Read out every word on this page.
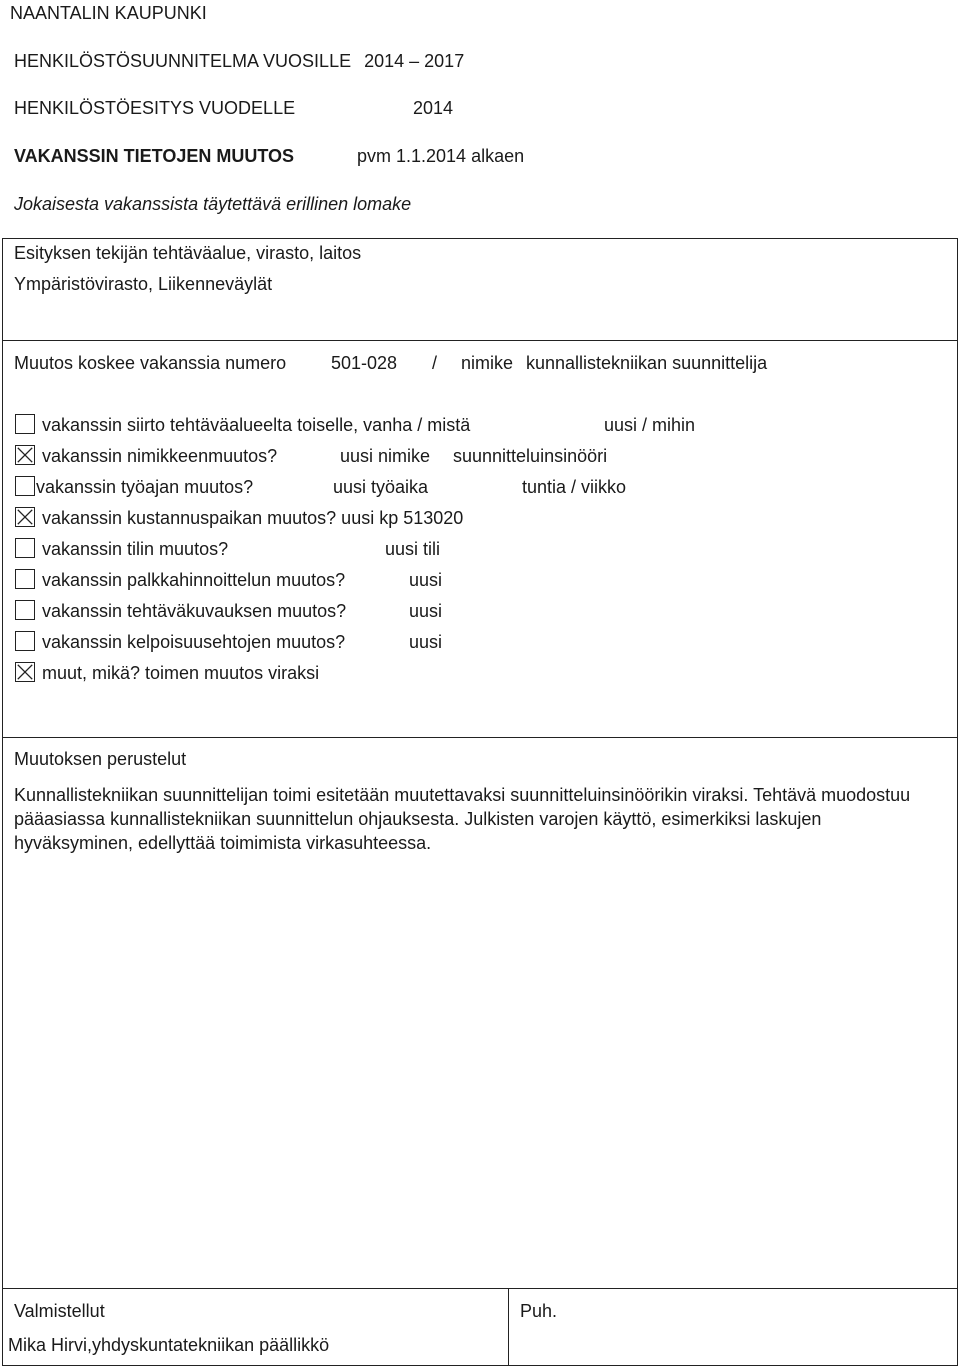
NAANTALIN KAUPUNKI
HENKILÖSTÖSUUNNITELMA VUOSILLE 2014 – 2017
HENKILÖSTÖESITYS VUODELLE	2014
VAKANSSIN TIETOJEN MUUTOS	pvm 1.1.2014 alkaen
Jokaisesta vakanssista täytettävä erillinen lomake
Esityksen tekijän tehtäväalue, virasto, laitos
Ympäristövirasto, Liikenneväylät
Muutos koskee vakanssia numero 501-028 / nimike kunnallistekniikan suunnittelija
vakanssin siirto tehtäväalueelta toiselle, vanha / mistä	uusi / mihin
vakanssin nimikkeenmuutos?	uusi nimike suunnitteluinsinööri
vakanssin työajan muutos?	uusi työaika	tuntia / viikko
vakanssin kustannuspaikan muutos? uusi kp 513020
vakanssin tilin muutos?	uusi tili
vakanssin palkkahinnoittelun muutos?	uusi
vakanssin tehtäväkuvauksen muutos?	uusi
vakanssin kelpoisuusehtojen muutos?	uusi
muut, mikä? toimen muutos viraksi
Muutoksen perustelut
Kunnallistekniikan suunnittelijan toimi esitetään muutettavaksi suunnitteluinsinöörikin viraksi. Tehtävä muodostuu pääasiassa kunnallistekniikan suunnittelun ohjauksesta. Julkisten varojen käyttö, esimerkiksi laskujen hyväksyminen, edellyttää toimimista virkasuhteessa.
Valmistellut
Mika Hirvi,yhdyskuntatekniikan päällikkö
Puh.
